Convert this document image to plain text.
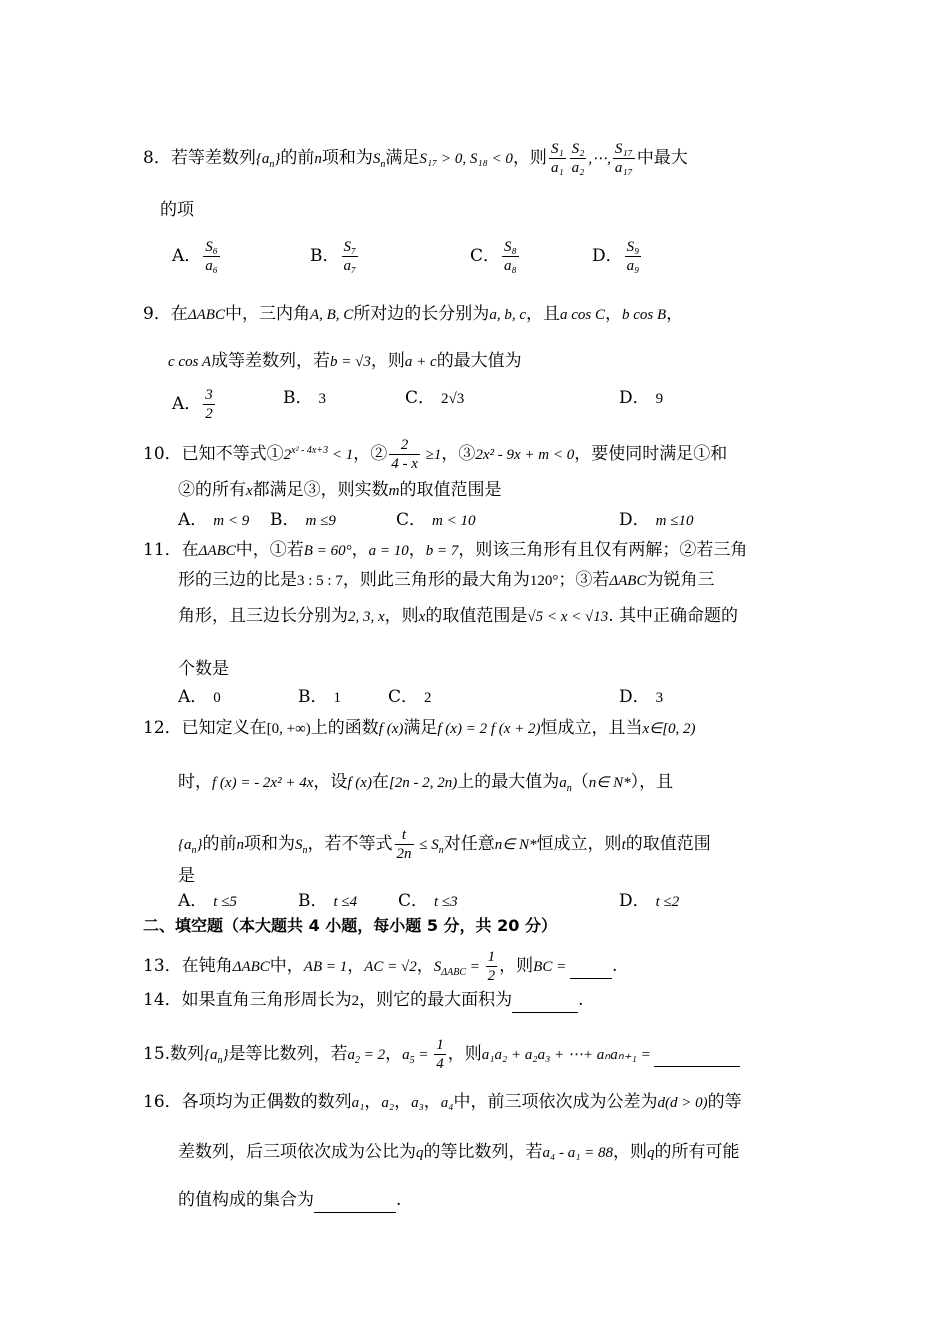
8．若等差数列$\{a_n\}$的前n项和为$S_n$满足S₁₇ > 0, S₁₈ < 0，则 $\frac{\text{S₁}}{\text{a₁}} \frac{\text{S₂}}{\text{a₂}}$ ,⋯, $\frac{\text{S₁₇}}{\text{a₁₇}}$ 中最大
的项
A． $\frac{\text{S₆}}{\text{a₆}}$	B． $\frac{\text{S₇}}{\text{a₇}}$	C． $\frac{\text{S₈}}{\text{a₈}}$	D． $\frac{\text{S₉}}{\text{a₉}}$
9．在ΔABC中，三内角A, B, C所对边的长分别为a, b, c，且a cos C，b cos B，
c cos A成等差数列，若b = √3，则a + c的最大值为
A． $\frac{3}{2}$	B． 3	C． 2√3	D． 9
10．已知不等式$①2^{x^2 - 4x+3} < 1$，② $\frac{2}{4 - x} \ge 1$，③2x² - 9x + m < 0，要使同时满足①和
②的所有x都满足③，则实数m的取值范围是
A． m < 9 B． m ≤9	C． m < 10	D． m ≤10
11．在ΔABC中，①若B = 60°，a = 10，b = 7，则该三角形有且仅有两解；②若三角
形的三边的比是3 : 5 : 7，则此三角形的最大角为120°；③若ΔABC为锐角三
角形，且三边长分别为2, 3, x，则x的取值范围是√5 < x < √13. 其中正确命题的
个数是
A． 0	B． 1	C． 2	D． 3
12．已知定义在[0, +∞)上的函数f (x)满足f (x) = 2 f (x + 2)恒成立，且当x∈[0, 2)
时，f (x) = - 2x² + 4x，设f (x)在[2n - 2, 2n)上的最大值为$a_n(n\in$ N*），且
$\{a_n\}$的前n项和为$S_n$，若不等式 $\frac{t}{2n} \le S_n$对任意n∈ N*恒成立，则t的取值范围
是
A． t ≤5	B． t ≤4 C． t ≤3	D． t ≤2
二、填空题（本大题共 4 小题，每小题 5 分，共 20 分）
13．在钝角ΔABC中，AB = 1，AC = √2，$S_{\Delta ABC} = \frac{1}{2}$ ，则BC =  .
14．如果直角三角形周长为2，则它的最大面积为	.
15.数列$\{a_n\}$是等比数列，若$a_2 = 2$，$a_5 = \frac{1}{4}$ ，则a₁a₂ + a₂a₃ + ⋯+ aₙaₙ₊₁ =
16．各项均为正偶数的数列a₁，a₂，a₃，a₄中，前三项依次成为公差为d(d > 0)的等
差数列，后三项依次成为公比为q的等比数列，若a₄ - a₁ = 88，则q的所有可能
的值构成的集合为	.
